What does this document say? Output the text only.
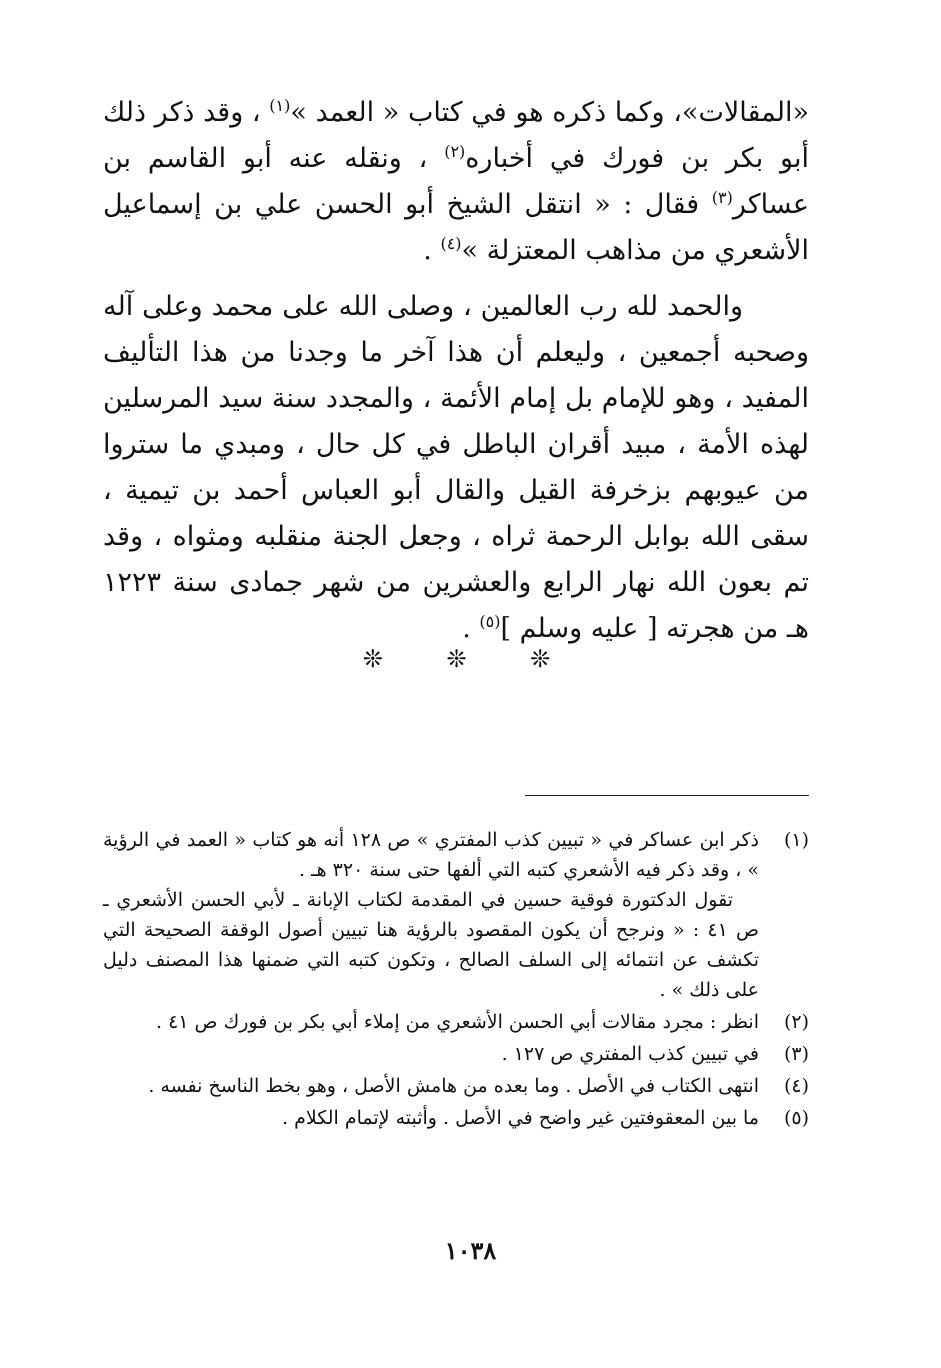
«المقالات»، وكما ذكره هو في كتاب « العمد »$^{(١)}$ ، وقد ذكر ذلك أبو بكر بن فورك في أخباره$^{(٢)}$ ، ونقله عنه أبو القاسم بن عساكر$^{(٣)}$ فقال : « انتقل الشيخ أبو الحسن علي بن إسماعيل الأشعري من مذاهب المعتزلة »$^{(٤)}$ .

والحمد لله رب العالمين ، وصلى الله على محمد وعلى آله وصحبه أجمعين ، وليعلم أن هذا آخر ما وجدنا من هذا التأليف المفيد ، وهو للإمام بل إمام الأئمة ، والمجدد سنة سيد المرسلين لهذه الأمة ، مبيد أقران الباطل في كل حال ، ومبدي ما ستروا من عيوبهم بزخرفة القيل والقال أبو العباس أحمد بن تيمية ، سقى الله بوابل الرحمة ثراه ، وجعل الجنة منقلبه ومثواه ، وقد تم بعون الله نهار الرابع والعشرين من شهر جمادى سنة ١٢٢٣ هـ من هجرته [ عليه وسلم ]$^{(٥)}$ .

❊ ❊ ❊
(١)

ذكر ابن عساكر في « تبيين كذب المفتري » ص ١٢٨ أنه هو كتاب « العمد في الرؤية » ، وقد ذكر فيه الأشعري كتبه التي ألفها حتى سنة ٣٢٠ هـ .

تقول الدكتورة فوقية حسين في المقدمة لكتاب الإبانة ـ لأبي الحسن الأشعري ـ ص ٤١ : « ونرجح أن يكون المقصود بالرؤية هنا تبيين أصول الوقفة الصحيحة التي تكشف عن انتمائه إلى السلف الصالح ، وتكون كتبه التي ضمنها هذا المصنف دليل على ذلك » .

(٢)

انظر : مجرد مقالات أبي الحسن الأشعري من إملاء أبي بكر بن فورك ص ٤١ .

(٣)

في تبيين كذب المفتري ص ١٢٧ .

(٤)

انتهى الكتاب في الأصل . وما بعده من هامش الأصل ، وهو بخط الناسخ نفسه .

(٥)

ما بين المعقوفتين غير واضح في الأصل . وأثبته لإتمام الكلام .

١٠٣٨
